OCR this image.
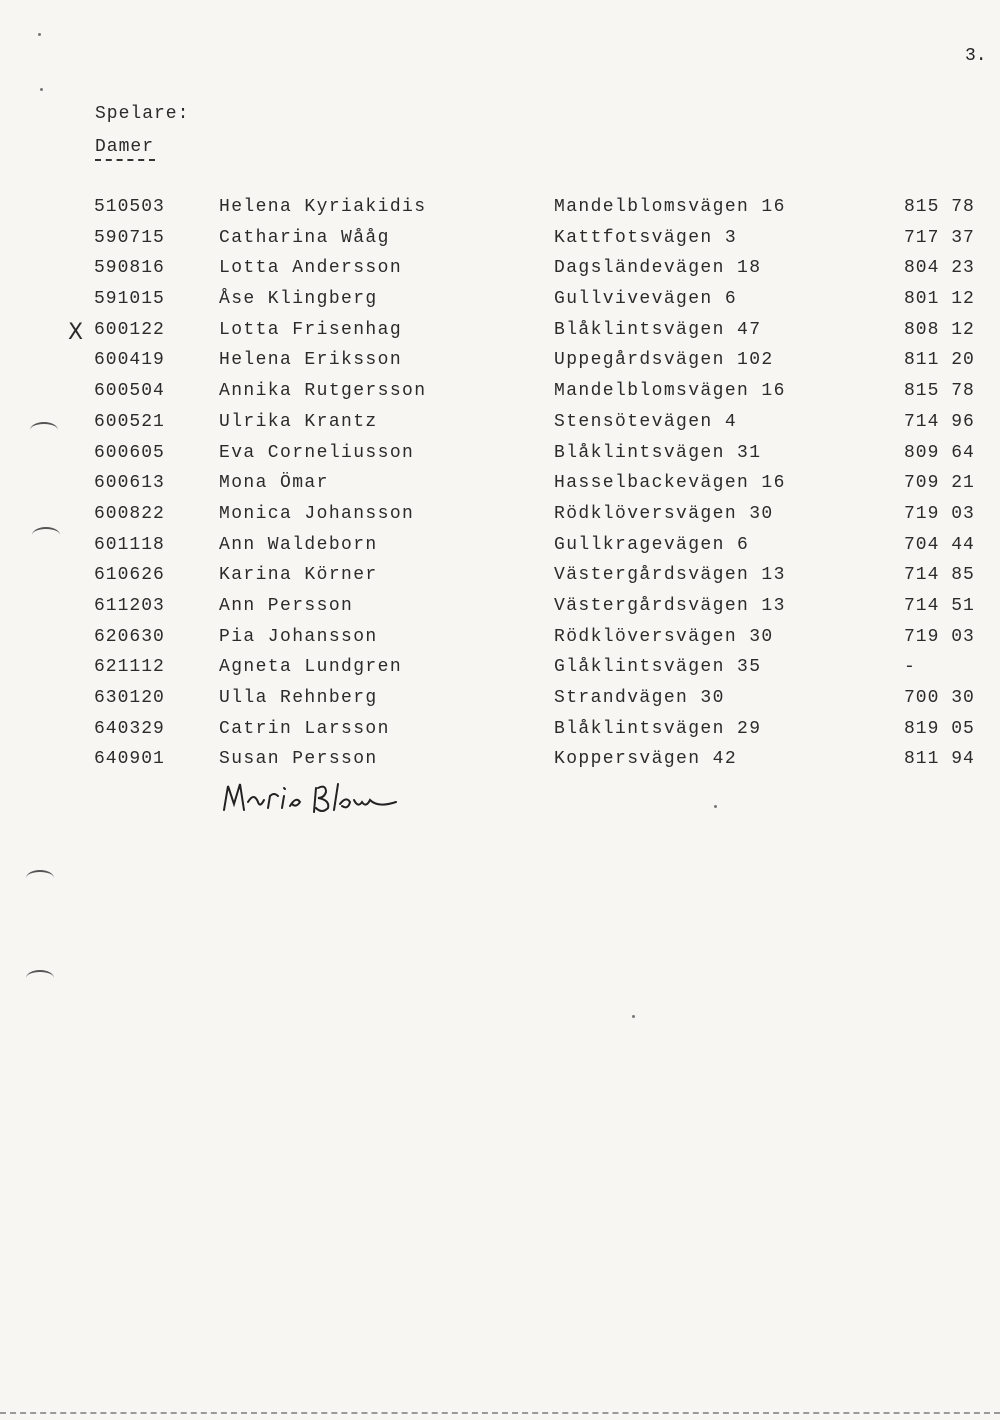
3.
Spelare:
Damer
510503	Helena Kyriakidis	Mandelblomsvägen 16	815 78
590715	Catharina Wååg	Kattfotsvägen 3	717 37
590816	Lotta Andersson	Dagsländevägen 18	804 23
591015	Åse Klingberg	Gullvivevägen 6	801 12
600122	Lotta Frisenhag	Blåklintsvägen 47	808 12
X
600419	Helena Eriksson	Uppegårdsvägen 102	811 20
600504	Annika Rutgersson	Mandelblomsvägen 16	815 78
600521	Ulrika Krantz	Stensötevägen 4	714 96
600605	Eva Corneliusson	Blåklintsvägen 31	809 64
600613	Mona Ömar	Hasselbackevägen 16	709 21
600822	Monica Johansson	Rödklöversvägen 30	719 03
601118	Ann Waldeborn	Gullkragevägen 6	704 44
610626	Karina Körner	Västergårdsvägen 13	714 85
611203	Ann Persson	Västergårdsvägen 13	714 51
620630	Pia Johansson	Rödklöversvägen 30	719 03
621112	Agneta Lundgren	Glåklintsvägen 35	-
630120	Ulla Rehnberg	Strandvägen 30	700 30
640329	Catrin Larsson	Blåklintsvägen 29	819 05
640901	Susan Persson	Koppersvägen 42	811 94
